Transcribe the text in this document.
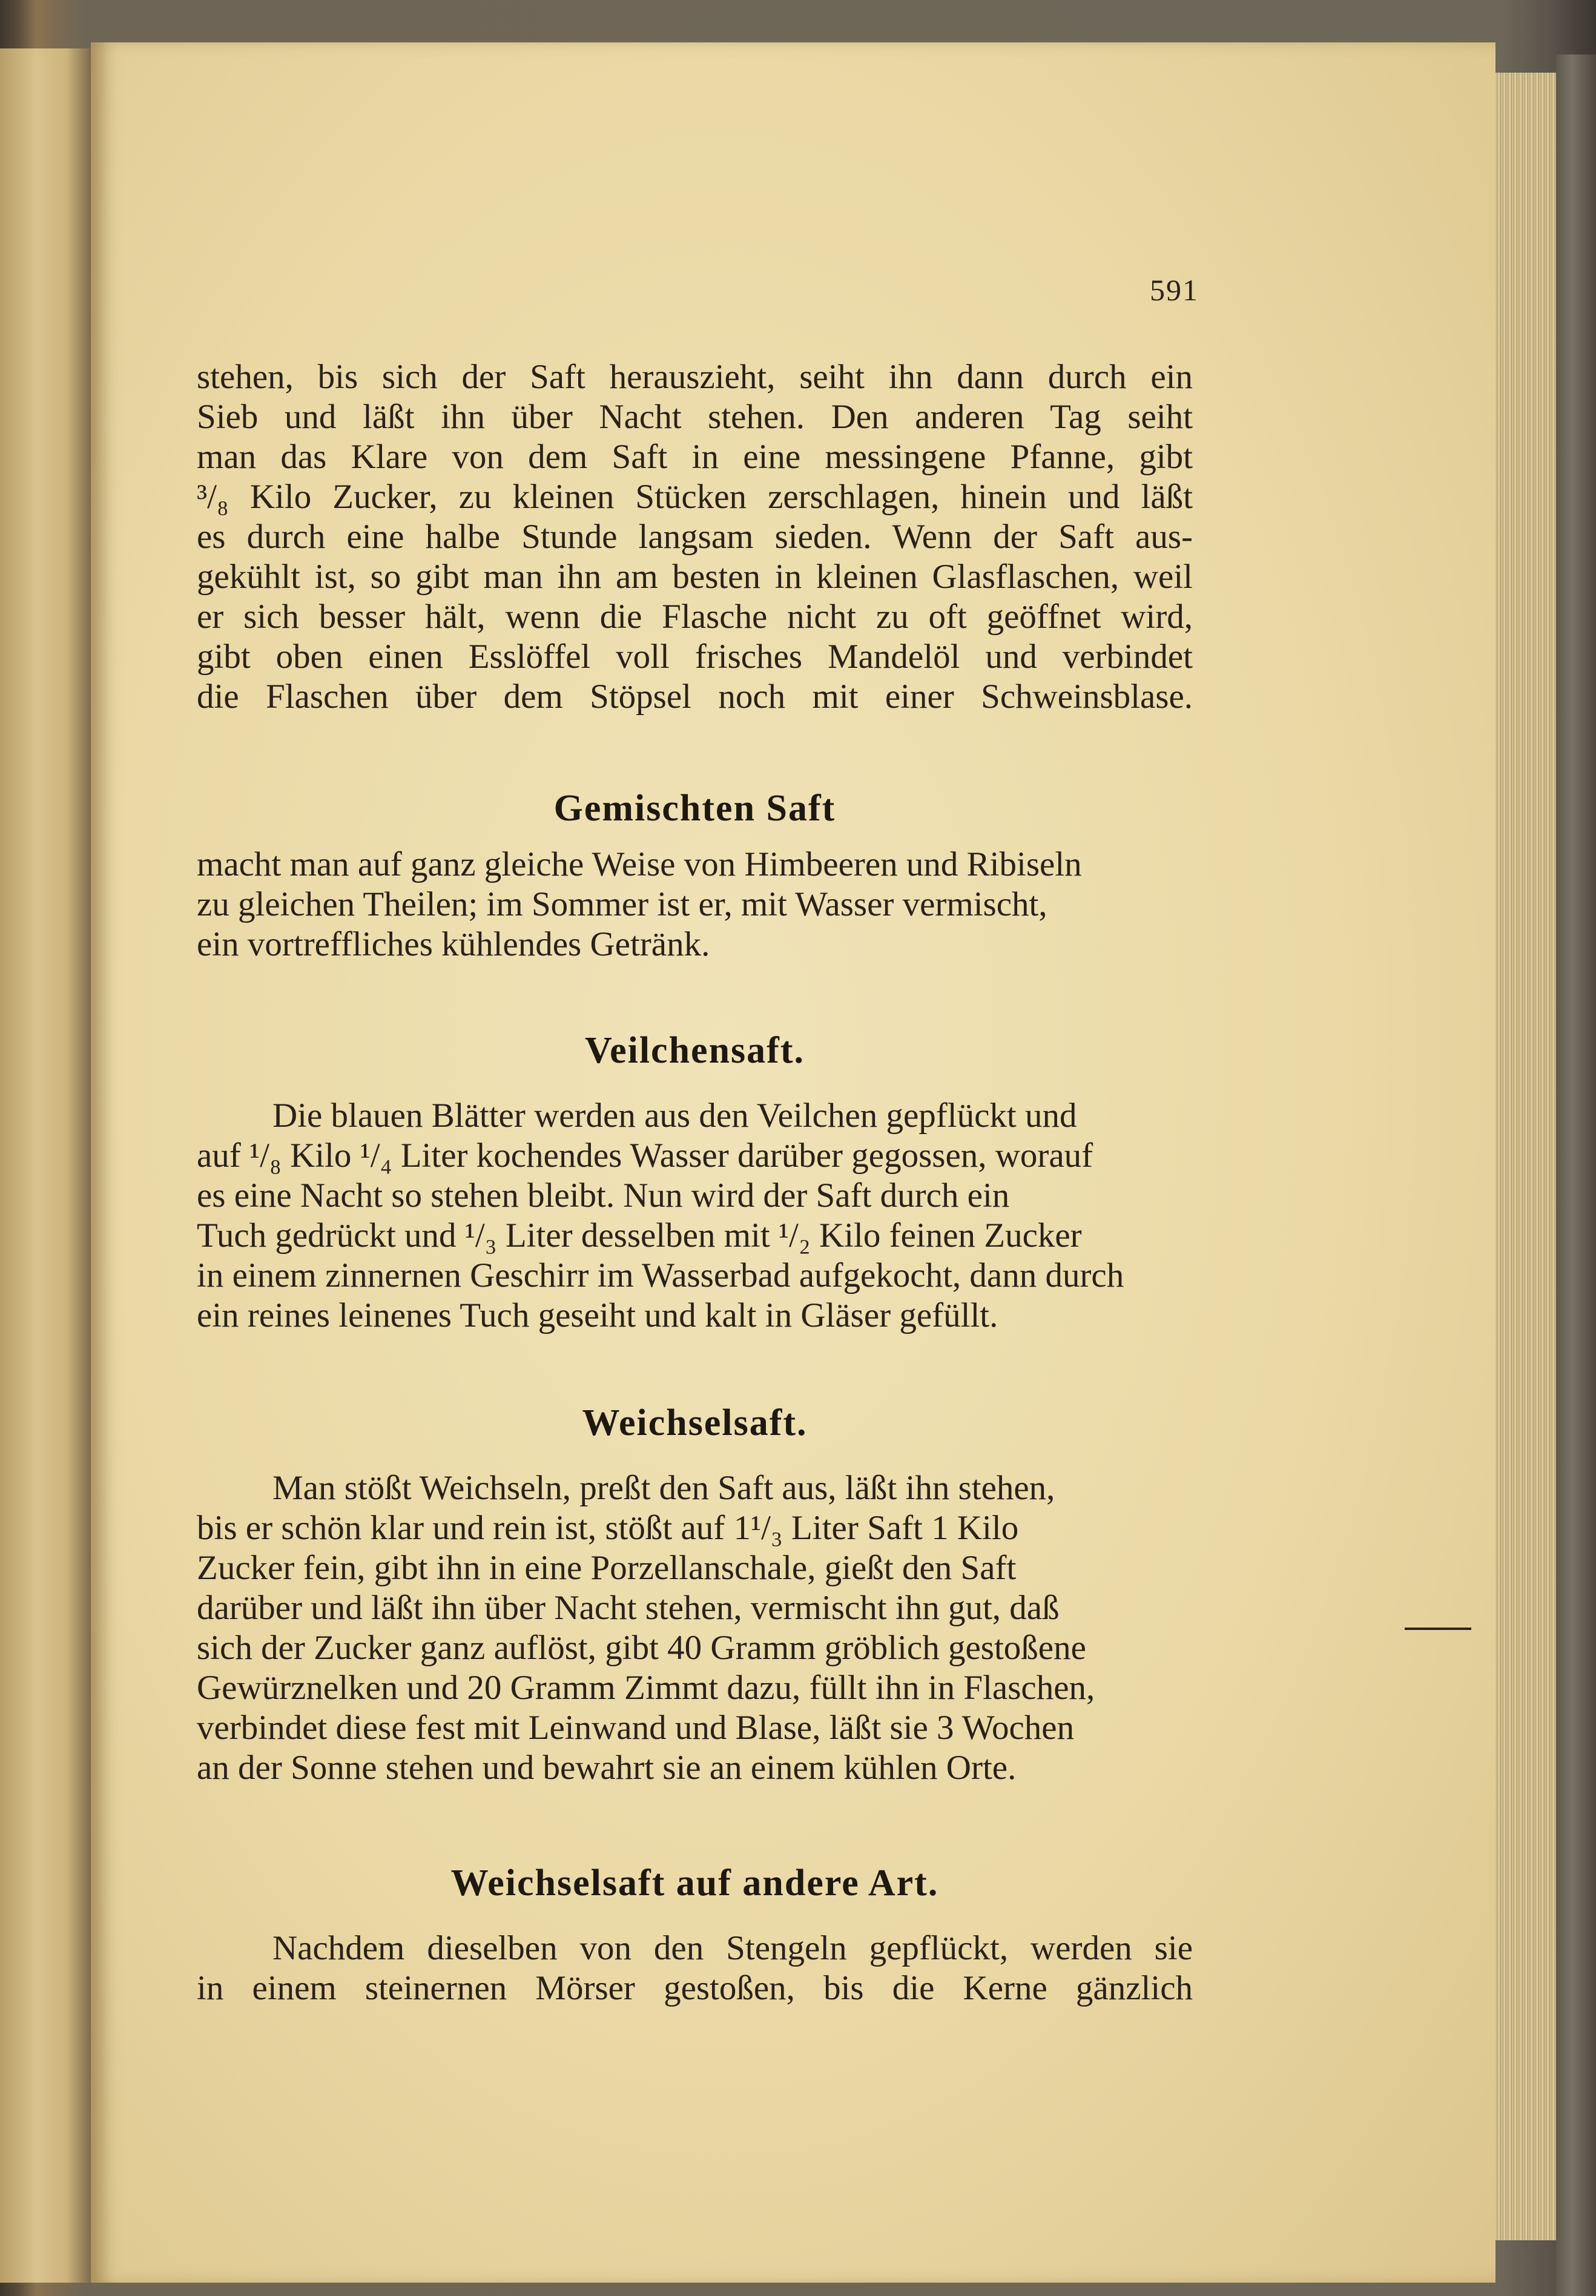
591

stehen, bis sich der Saft herauszieht, seiht ihn dann durch ein
Sieb und läßt ihn über Nacht stehen. Den anderen Tag seiht
man das Klare von dem Saft in eine messingene Pfanne, gibt
³/₈ Kilo Zucker, zu kleinen Stücken zerschlagen, hinein und läßt
es durch eine halbe Stunde langsam sieden. Wenn der Saft aus-
gekühlt ist, so gibt man ihn am besten in kleinen Glasflaschen, weil
er sich besser hält, wenn die Flasche nicht zu oft geöffnet wird,
gibt oben einen Esslöffel voll frisches Mandelöl und verbindet
die Flaschen über dem Stöpsel noch mit einer Schweinsblase.

Gemischten Saft

macht man auf ganz gleiche Weise von Himbeeren und Ribiseln
zu gleichen Theilen; im Sommer ist er, mit Wasser vermischt,
ein vortreffliches kühlendes Getränk.

Veilchensaft.

Die blauen Blätter werden aus den Veilchen gepflückt und
auf ¹/₈ Kilo ¹/₄ Liter kochendes Wasser darüber gegossen, worauf
es eine Nacht so stehen bleibt. Nun wird der Saft durch ein
Tuch gedrückt und ¹/₃ Liter desselben mit ¹/₂ Kilo feinen Zucker
in einem zinnernen Geschirr im Wasserbad aufgekocht, dann durch
ein reines leinenes Tuch geseiht und kalt in Gläser gefüllt.

Weichselsaft.

Man stößt Weichseln, preßt den Saft aus, läßt ihn stehen,
bis er schön klar und rein ist, stößt auf 1¹/₃ Liter Saft 1 Kilo
Zucker fein, gibt ihn in eine Porzellanschale, gießt den Saft
darüber und läßt ihn über Nacht stehen, vermischt ihn gut, daß
sich der Zucker ganz auflöst, gibt 40 Gramm gröblich gestoßene
Gewürznelken und 20 Gramm Zimmt dazu, füllt ihn in Flaschen,
verbindet diese fest mit Leinwand und Blase, läßt sie 3 Wochen
an der Sonne stehen und bewahrt sie an einem kühlen Orte.

Weichselsaft auf andere Art.

Nachdem dieselben von den Stengeln gepflückt, werden sie
in einem steinernen Mörser gestoßen, bis die Kerne gänzlich
